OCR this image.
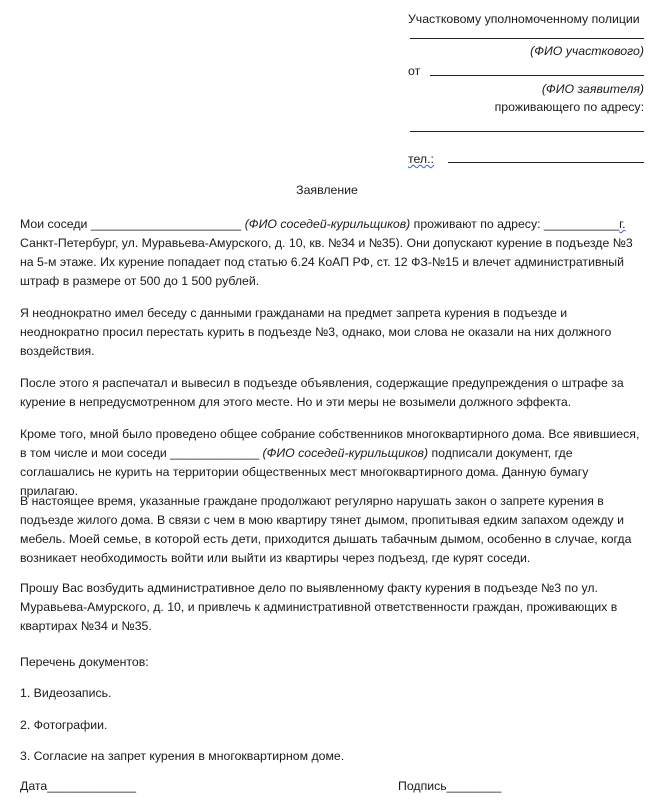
Участковому уполномоченному полиции
(ФИО участкового)
от
(ФИО заявителя)
проживающего по адресу:
тел.:
Заявление
Мои соседи ______________________ (ФИО соседей-курильщиков) проживают по адресу: ___________г. Санкт-Петербург, ул. Муравьева-Амурского, д. 10, кв. №34 и №35). Они допускают курение в подъезде №3 на 5-м этаже. Их курение попадает под статью 6.24 КоАП РФ, ст. 12 ФЗ-№15 и влечет административный штраф в размере от 500 до 1 500 рублей.
Я неоднократно имел беседу с данными гражданами на предмет запрета курения в подъезде и неоднократно просил перестать курить в подъезде №3, однако, мои слова не оказали на них должного воздействия.
После этого я распечатал и вывесил в подъезде объявления, содержащие предупреждения о штрафе за курение в непредусмотренном для этого месте. Но и эти меры не возымели должного эффекта.
Кроме того, мной было проведено общее собрание собственников многоквартирного дома. Все явившиеся, в том числе и мои соседи _____________ (ФИО соседей-курильщиков) подписали документ, где соглашались не курить на территории общественных мест многоквартирного дома. Данную бумагу прилагаю.
В настоящее время, указанные граждане продолжают регулярно нарушать закон о запрете курения в подъезде жилого дома. В связи с чем в мою квартиру тянет дымом, пропитывая едким запахом одежду и мебель. Моей семье, в которой есть дети, приходится дышать табачным дымом, особенно в случае, когда возникает необходимость войти или выйти из квартиры через подъезд, где курят соседи.
Прошу Вас возбудить административное дело по выявленному факту курения в подъезде №3 по ул. Муравьева-Амурского, д. 10, и привлечь к административной ответственности граждан, проживающих в квартирах №34 и №35.
Перечень документов:
1. Видеозапись.
2. Фотографии.
3. Согласие на запрет курения в многоквартирном доме.
Дата_____________	Подпись________
